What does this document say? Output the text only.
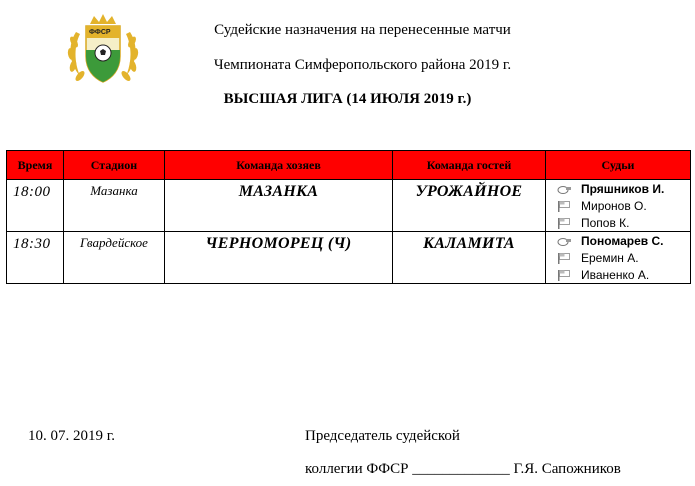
ФФСР	Судейские назначения на перенесенные матчи
Чемпионата Симферопольского района 2019 г.
ВЫСШАЯ ЛИГА (14 ИЮЛЯ 2019 г.)
Время	Стадион	Команда хозяев	Команда гостей	Судьи
18:00	Мазанка	МАЗАНКА	УРОЖАЙНОЕ	Пряшников И.
Миронов О.
Попов К.

18:30	Гвардейское	ЧЕРНОМОРЕЦ (Ч)	КАЛАМИТА	Пономарев С.
Еремин А.
Иваненко А.
10. 07. 2019 г.	Председатель судейской
коллегии ФФСР _____________ Г.Я. Сапожников
